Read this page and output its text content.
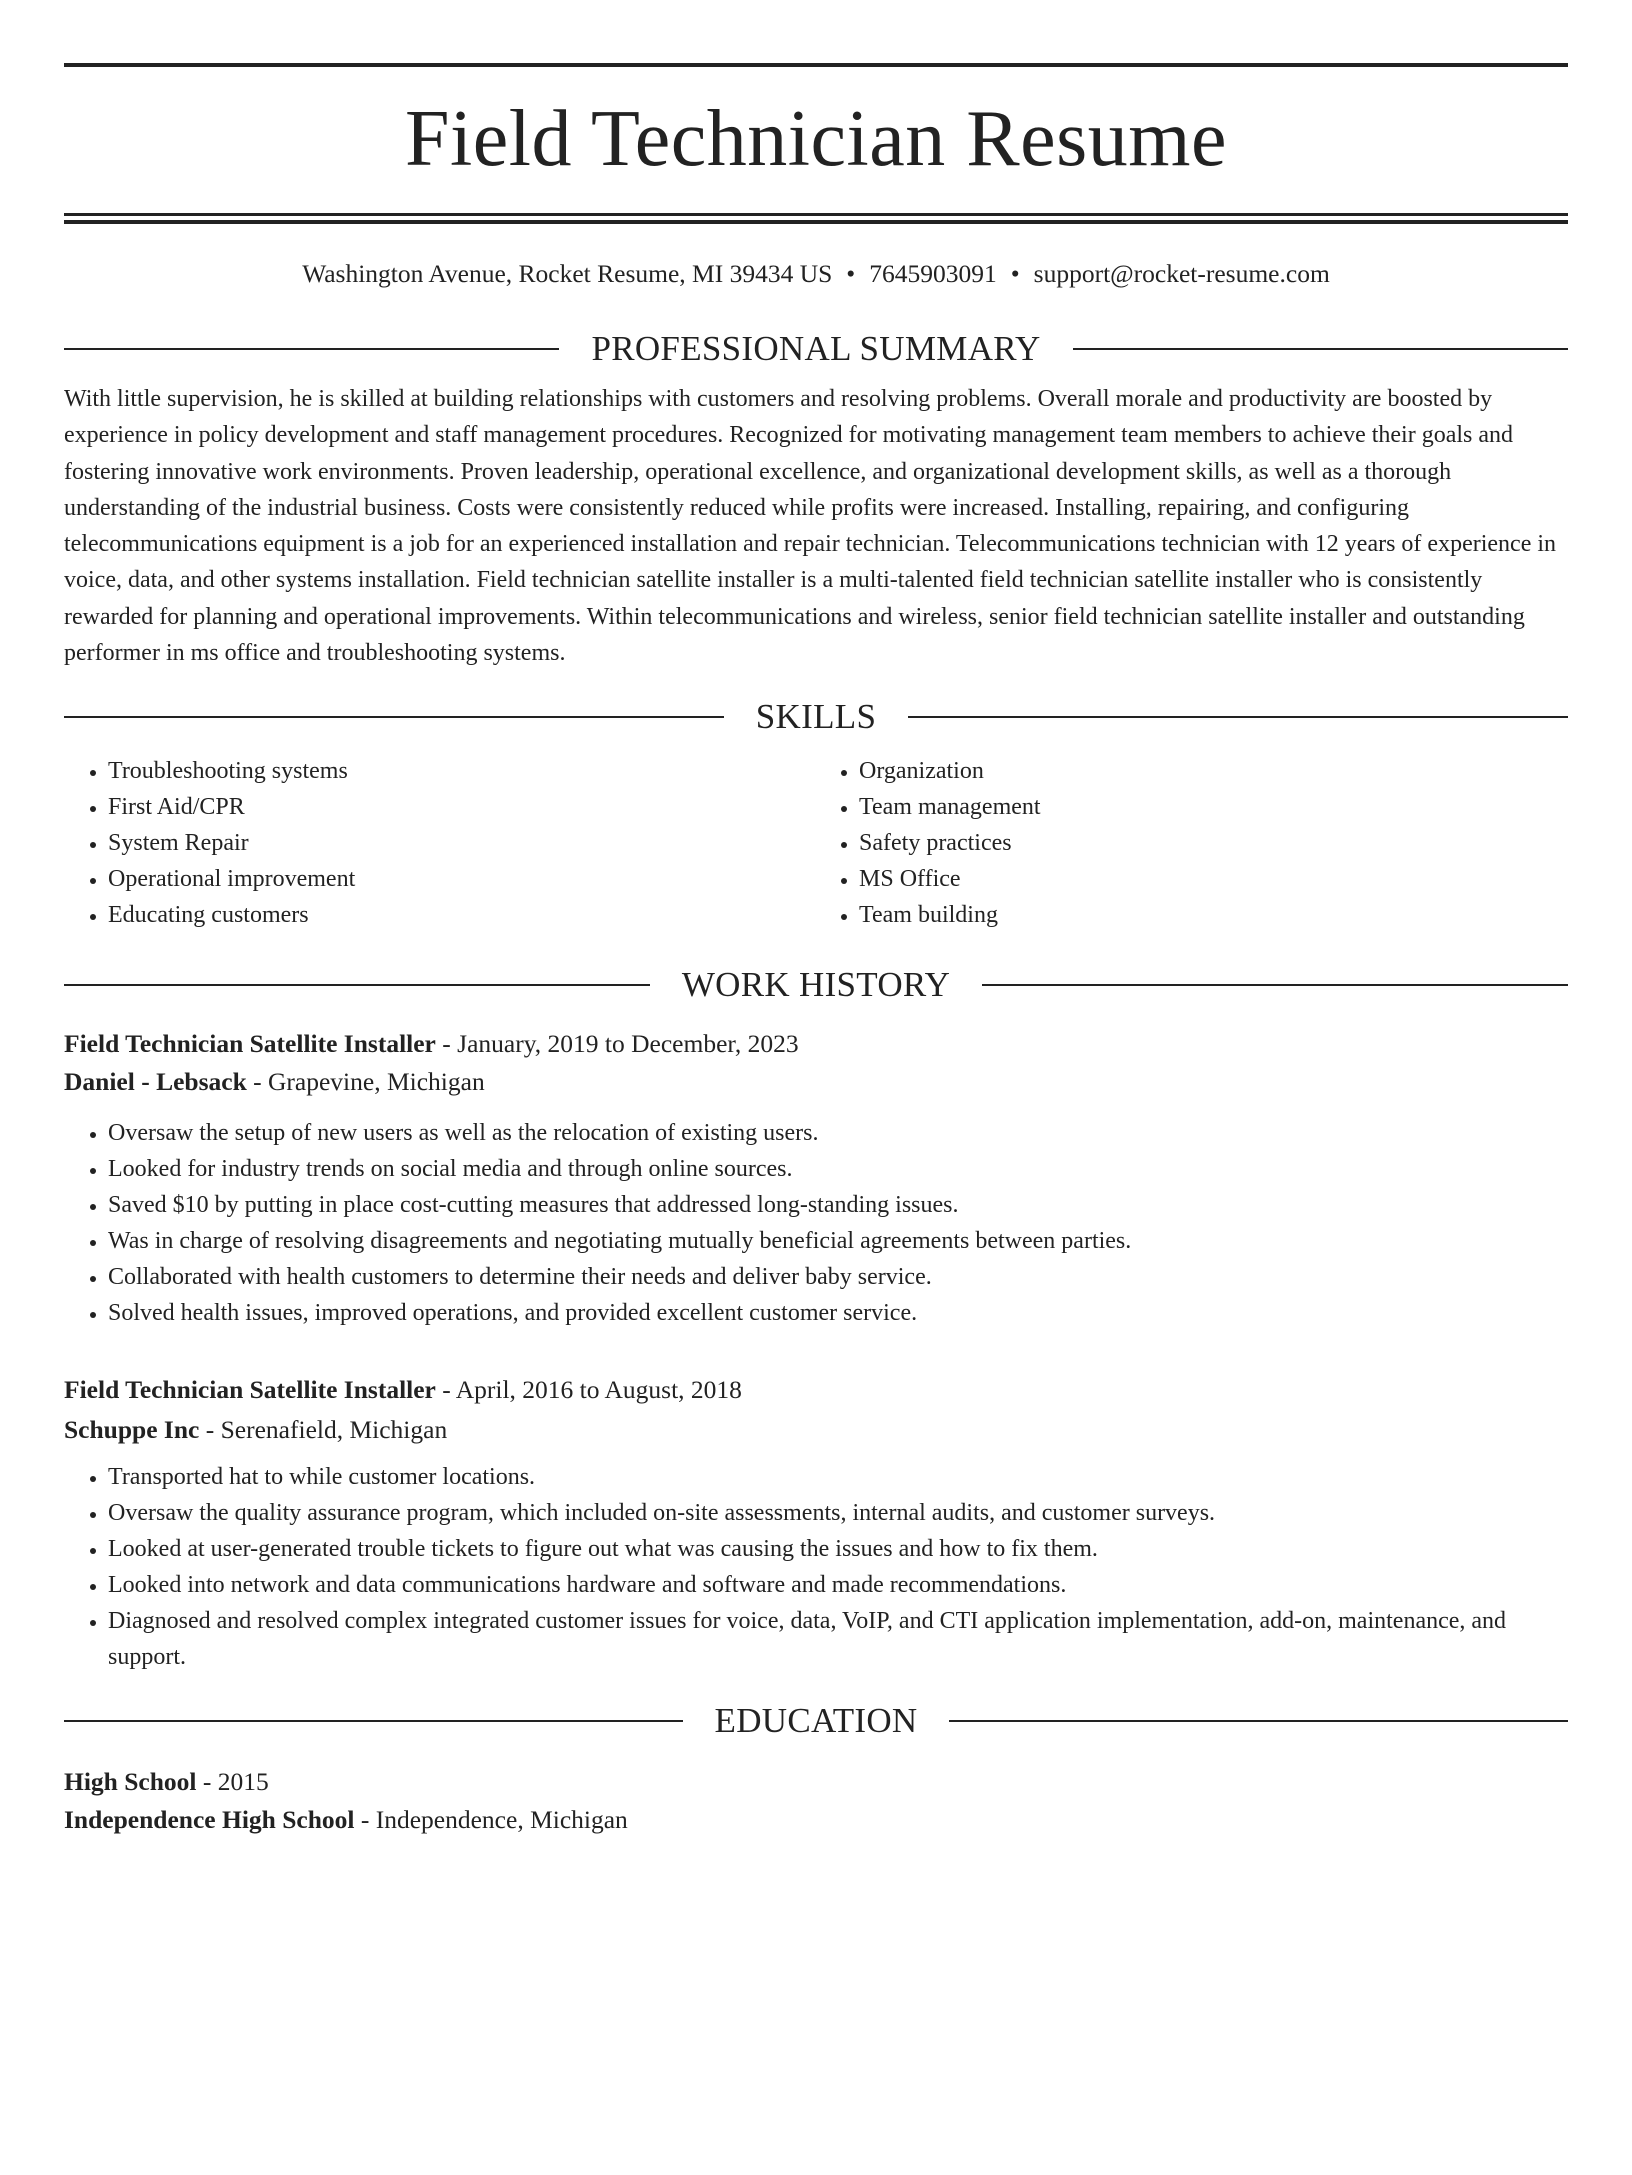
Field Technician Resume
Washington Avenue, Rocket Resume, MI 39434 US • 7645903091 • support@rocket-resume.com
PROFESSIONAL SUMMARY
With little supervision, he is skilled at building relationships with customers and resolving problems. Overall morale and productivity are boosted by experience in policy development and staff management procedures. Recognized for motivating management team members to achieve their goals and fostering innovative work environments. Proven leadership, operational excellence, and organizational development skills, as well as a thorough understanding of the industrial business. Costs were consistently reduced while profits were increased. Installing, repairing, and configuring telecommunications equipment is a job for an experienced installation and repair technician. Telecommunications technician with 12 years of experience in voice, data, and other systems installation. Field technician satellite installer is a multi-talented field technician satellite installer who is consistently rewarded for planning and operational improvements. Within telecommunications and wireless, senior field technician satellite installer and outstanding performer in ms office and troubleshooting systems.
SKILLS
• Troubleshooting systems
• First Aid/CPR
• System Repair
• Operational improvement
• Educating customers
• Organization
• Team management
• Safety practices
• MS Office
• Team building
WORK HISTORY
Field Technician Satellite Installer - January, 2019 to December, 2023
Daniel - Lebsack - Grapevine, Michigan
• Oversaw the setup of new users as well as the relocation of existing users.
• Looked for industry trends on social media and through online sources.
• Saved $10 by putting in place cost-cutting measures that addressed long-standing issues.
• Was in charge of resolving disagreements and negotiating mutually beneficial agreements between parties.
• Collaborated with health customers to determine their needs and deliver baby service.
• Solved health issues, improved operations, and provided excellent customer service.
Field Technician Satellite Installer - April, 2016 to August, 2018
Schuppe Inc - Serenafield, Michigan
• Transported hat to while customer locations.
• Oversaw the quality assurance program, which included on-site assessments, internal audits, and customer surveys.
• Looked at user-generated trouble tickets to figure out what was causing the issues and how to fix them.
• Looked into network and data communications hardware and software and made recommendations.
• Diagnosed and resolved complex integrated customer issues for voice, data, VoIP, and CTI application implementation, add-on, maintenance, and support.
EDUCATION
High School - 2015
Independence High School - Independence, Michigan
